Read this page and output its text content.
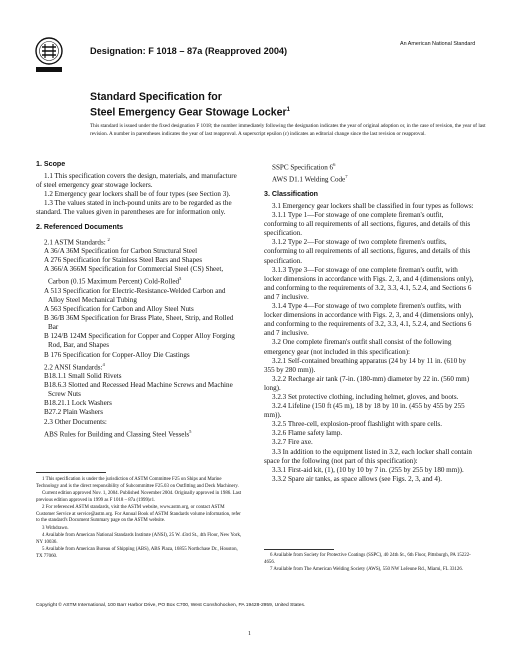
Designation: F 1018 – 87a (Reapproved 2004)
An American National Standard
Standard Specification for
Steel Emergency Gear Stowage Locker$^1$
This standard is issued under the fixed designation F 1018; the number immediately following the designation indicates the year of original adoption or, in the case of revision, the year of last revision. A number in parentheses indicates the year of last reapproval. A superscript epsilon (ε) indicates an editorial change since the last revision or reapproval.

1. Scope

1.1 This specification covers the design, materials, and manufacture of steel emergency gear stowage lockers.

1.2 Emergency gear lockers shall be of four types (see Section 3).

1.3 The values stated in inch-pound units are to be regarded as the standard. The values given in parentheses are for information only.

2. Referenced Documents

2.1 ASTM Standards: $^2$

A 36/A 36M Specification for Carbon Structural Steel

A 276 Specification for Stainless Steel Bars and Shapes

A 366/A 366M Specification for Commercial Steel (CS) Sheet, Carbon (0.15 Maximum Percent) Cold-Rolled$^3$

A 513 Specification for Electric-Resistance-Welded Carbon and Alloy Steel Mechanical Tubing

A 563 Specification for Carbon and Alloy Steel Nuts

B 36/B 36M Specification for Brass Plate, Sheet, Strip, and Rolled Bar

B 124/B 124M Specification for Copper and Copper Alloy Forging Rod, Bar, and Shapes

B 176 Specification for Copper-Alloy Die Castings

2.2 ANSI Standards:$^4$

B18.1.1 Small Solid Rivets

B18.6.3 Slotted and Recessed Head Machine Screws and Machine Screw Nuts

B18.21.1 Lock Washers

B27.2 Plain Washers

2.3 Other Documents:

ABS Rules for Building and Classing Steel Vessels$^5$

1 This specification is under the jurisdiction of ASTM Committee F25 on Ships and Marine Technology and is the direct responsibility of Subcommittee F25.03 on Outfitting and Deck Machinery.

Current edition approved Nov. 1, 2004. Published November 2004. Originally approved in 1986. Last previous edition approved in 1999 as F 1018 – 87a (1999)ε1.

2 For referenced ASTM standards, visit the ASTM website, www.astm.org, or contact ASTM Customer Service at service@astm.org. For Annual Book of ASTM Standards volume information, refer to the standard's Document Summary page on the ASTM website.

3 Withdrawn.

4 Available from American National Standards Institute (ANSI), 25 W. 43rd St., 4th Floor, New York, NY 10036.

5 Available from American Bureau of Shipping (ABS), ABS Plaza, 16855 Northchase Dr., Houston, TX 77060.

SSPC Specification $6^6$

AWS D1.1 Welding Code$^7$

3. Classification

3.1 Emergency gear lockers shall be classified in four types as follows:

3.1.1 Type 1—For stowage of one complete fireman's outfit, conforming to all requirements of all sections, figures, and details of this specification.

3.1.2 Type 2—For stowage of two complete firemen's outfits, conforming to all requirements of all sections, figures, and details of this specification.

3.1.3 Type 3—For stowage of one complete fireman's outfit, with locker dimensions in accordance with Figs. 2, 3, and 4 (dimensions only), and conforming to the requirements of 3.2, 3.3, 4.1, 5.2.4, and Sections 6 and 7 inclusive.

3.1.4 Type 4—For stowage of two complete firemen's outfits, with locker dimensions in accordance with Figs. 2, 3, and 4 (dimensions only), and conforming to the requirements of 3.2, 3.3, 4.1, 5.2.4, and Sections 6 and 7 inclusive.

3.2 One complete fireman's outfit shall consist of the following emergency gear (not included in this specification):

3.2.1 Self-contained breathing apparatus (24 by 14 by 11 in. (610 by 355 by 280 mm)).

3.2.2 Recharge air tank (7-in. (180-mm) diameter by 22 in. (560 mm) long).

3.2.3 Set protective clothing, including helmet, gloves, and boots.

3.2.4 Lifeline (150 ft (45 m), 18 by 18 by 10 in. (455 by 455 by 255 mm)).

3.2.5 Three-cell, explosion-proof flashlight with spare cells.

3.2.6 Flame safety lamp.

3.2.7 Fire axe.

3.3 In addition to the equipment listed in 3.2, each locker shall contain space for the following (not part of this specification):

3.3.1 First-aid kit, (1), (10 by 10 by 7 in. (255 by 255 by 180 mm)).

3.3.2 Spare air tanks, as space allows (see Figs. 2, 3, and 4).

6 Available from Society for Protective Coatings (SSPC), 40 24th St., 6th Floor, Pittsburgh, PA 15222-4656.

7 Available from The American Welding Society (AWS), 550 NW LeJeune Rd., Miami, FL 33126.

Copyright © ASTM International, 100 Barr Harbor Drive, PO Box C700, West Conshohocken, PA 19428-2959, United States.
1
